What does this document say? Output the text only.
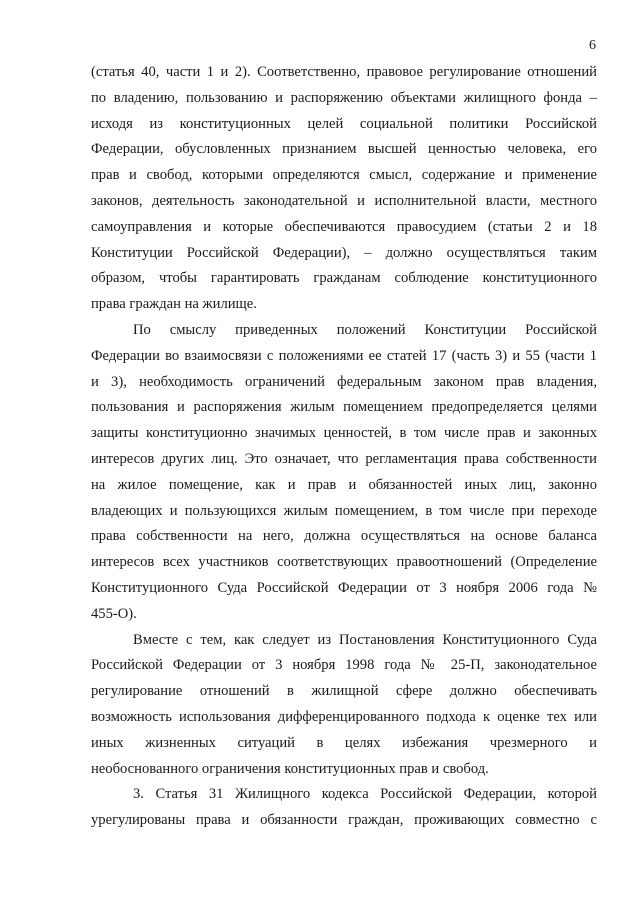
6
(статья 40, части 1 и 2). Соответственно, правовое регулирование отношений
по владению, пользованию и распоряжению объектами жилищного фонда –
исходя из конституционных целей социальной политики Российской
Федерации, обусловленных признанием высшей ценностью человека, его
прав и свобод, которыми определяются смысл, содержание и применение
законов, деятельность законодательной и исполнительной власти, местного
самоуправления и которые обеспечиваются правосудием (статьи 2 и 18
Конституции Российской Федерации), – должно осуществляться таким
образом, чтобы гарантировать гражданам соблюдение конституционного
права граждан на жилище.
По смыслу приведенных положений Конституции Российской
Федерации во взаимосвязи с положениями ее статей 17 (часть 3) и 55 (части 1
и 3), необходимость ограничений федеральным законом прав владения,
пользования и распоряжения жилым помещением предопределяется целями
защиты конституционно значимых ценностей, в том числе прав и законных
интересов других лиц. Это означает, что регламентация права собственности
на жилое помещение, как и прав и обязанностей иных лиц, законно
владеющих и пользующихся жилым помещением, в том числе при переходе
права собственности на него, должна осуществляться на основе баланса
интересов всех участников соответствующих правоотношений (Определение
Конституционного Суда Российской Федерации от 3 ноября 2006 года №
455-О).
Вместе с тем, как следует из Постановления Конституционного Суда
Российской Федерации от 3 ноября 1998 года № 25-П, законодательное
регулирование отношений в жилищной сфере должно обеспечивать
возможность использования дифференцированного подхода к оценке тех или
иных жизненных ситуаций в целях избежания чрезмерного и
необоснованного ограничения конституционных прав и свобод.
3. Статья 31 Жилищного кодекса Российской Федерации, которой
урегулированы права и обязанности граждан, проживающих совместно с
